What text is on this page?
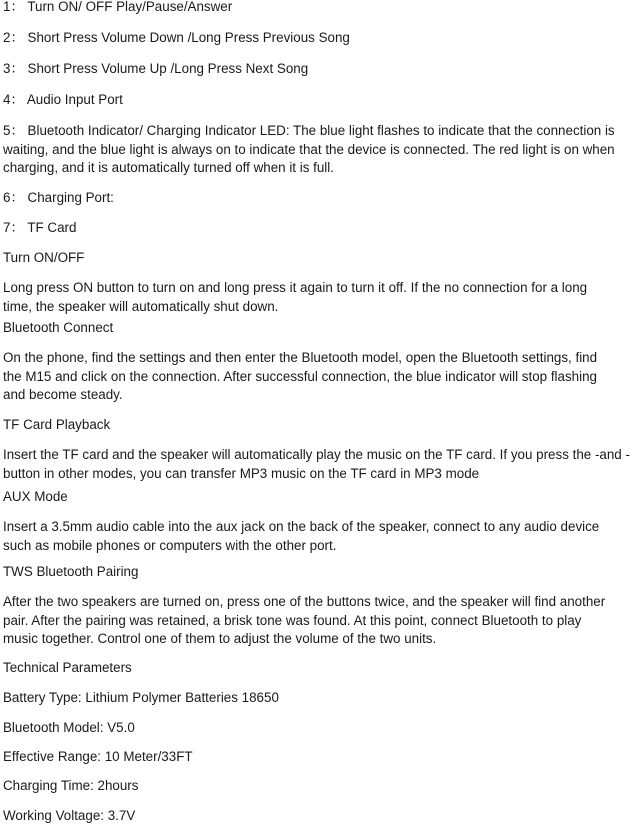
1： Turn ON/ OFF Play/Pause/Answer
2： Short Press Volume Down /Long Press Previous Song
3： Short Press Volume Up /Long Press Next Song
4： Audio Input Port
5： Bluetooth Indicator/ Charging Indicator LED: The blue light flashes to indicate that the connection is
waiting, and the blue light is always on to indicate that the device is connected. The red light is on when
charging, and it is automatically turned off when it is full.
6： Charging Port:
7： TF Card
Turn ON/OFF
Long press ON button to turn on and long press it again to turn it off. If the no connection for a long
time, the speaker will automatically shut down.
Bluetooth Connect
On the phone, find the settings and then enter the Bluetooth model, open the Bluetooth settings, find
the M15 and click on the connection. After successful connection, the blue indicator will stop flashing
and become steady.
TF Card Playback
Insert the TF card and the speaker will automatically play the music on the TF card. If you press the -and -
button in other modes, you can transfer MP3 music on the TF card in MP3 mode
AUX Mode
Insert a 3.5mm audio cable into the aux jack on the back of the speaker, connect to any audio device
such as mobile phones or computers with the other port.
TWS Bluetooth Pairing
After the two speakers are turned on, press one of the buttons twice, and the speaker will find another
pair. After the pairing was retained, a brisk tone was found. At this point, connect Bluetooth to play
music together. Control one of them to adjust the volume of the two units.
Technical Parameters
Battery Type: Lithium Polymer Batteries 18650
Bluetooth Model: V5.0
Effective Range: 10 Meter/33FT
Charging Time: 2hours
Working Voltage: 3.7V
